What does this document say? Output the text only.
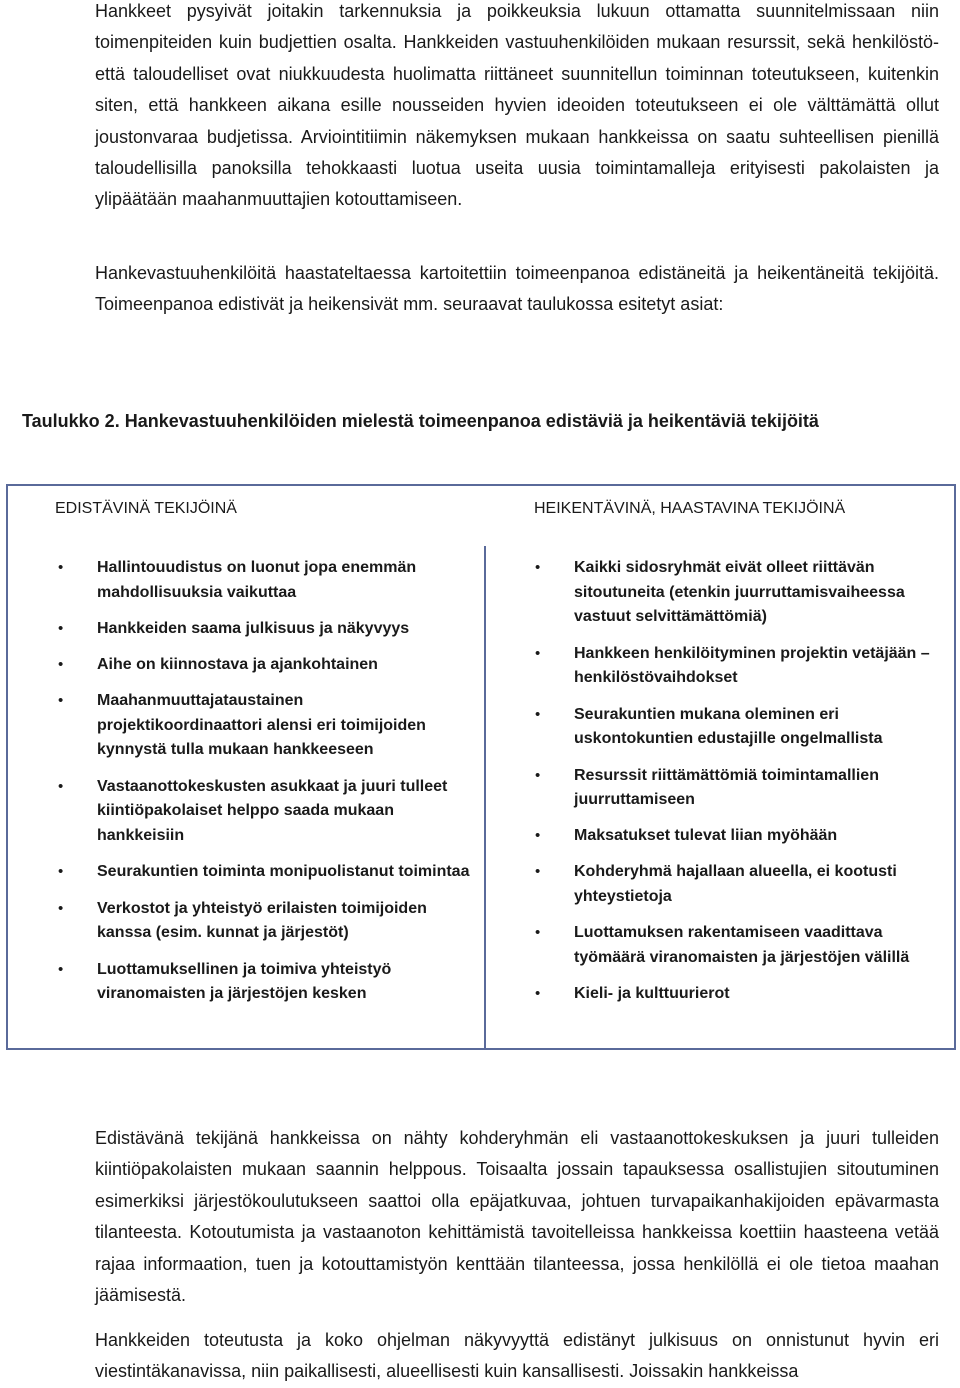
Hankkeet pysyivät joitakin tarkennuksia ja poikkeuksia lukuun ottamatta suunnitelmissaan niin toimenpiteiden kuin budjettien osalta. Hankkeiden vastuuhenkilöiden mukaan resurssit, sekä henkilöstö- että taloudelliset ovat niukkuudesta huolimatta riittäneet suunnitellun toiminnan toteutukseen, kuitenkin siten, että hankkeen aikana esille nousseiden hyvien ideoiden toteutukseen ei ole välttämättä ollut joustonvaraa budjetissa. Arviointitiimin näkemyksen mukaan hankkeissa on saatu suhteellisen pienillä taloudellisilla panoksilla tehokkaasti luotua useita uusia toimintamalleja erityisesti pakolaisten ja ylipäätään maahanmuuttajien kotouttamiseen.

Hankevastuuhenkilöitä haastateltaessa kartoitettiin toimeenpanoa edistäneitä ja heikentäneitä tekijöitä. Toimeenpanoa edistivät ja heikensivät mm. seuraavat taulukossa esitetyt asiat:

Taulukko 2. Hankevastuuhenkilöiden mielestä toimeenpanoa edistäviä ja heikentäviä tekijöitä
EDISTÄVINÄ TEKIJÖINÄ	HEIKENTÄVINÄ, HAASTAVINA TEKIJÖINÄ
• Hallintouudistus on luonut jopa enemmän mahdollisuuksia vaikuttaa
• Hankkeiden saama julkisuus ja näkyvyys
• Aihe on kiinnostava ja ajankohtainen
• Maahanmuuttajataustainen projektikoordinaattori alensi eri toimijoiden kynnystä tulla mukaan hankkeeseen
• Vastaanottokeskusten asukkaat ja juuri tulleet kiintiöpakolaiset helppo saada mukaan hankkeisiin
• Seurakuntien toiminta monipuolistanut toimintaa
• Verkostot ja yhteistyö erilaisten toimijoiden kanssa (esim. kunnat ja järjestöt)
• Luottamuksellinen ja toimiva yhteistyö viranomaisten ja järjestöjen kesken
• Kaikki sidosryhmät eivät olleet riittävän sitoutuneita (etenkin juurruttamisvaiheessa vastuut selvittämättömiä)
• Hankkeen henkilöityminen projektin vetäjään – henkilöstövaihdokset
• Seurakuntien mukana oleminen eri uskontokuntien edustajille ongelmallista
• Resurssit riittämättömiä toimintamallien juurruttamiseen
• Maksatukset tulevat liian myöhään
• Kohderyhmä hajallaan alueella, ei kootusti yhteystietoja
• Luottamuksen rakentamiseen vaadittava työmäärä viranomaisten ja järjestöjen välillä
• Kieli- ja kulttuurierot

Edistävänä tekijänä hankkeissa on nähty kohderyhmän eli vastaanottokeskuksen ja juuri tulleiden kiintiöpakolaisten mukaan saannin helppous. Toisaalta jossain tapauksessa osallistujien sitoutuminen esimerkiksi järjestökoulutukseen saattoi olla epäjatkuvaa, johtuen turvapaikanhakijoiden epävarmasta tilanteesta. Kotoutumista ja vastaanoton kehittämistä tavoitelleissa hankkeissa koettiin haasteena vetää rajaa informaation, tuen ja kotouttamistyön kenttään tilanteessa, jossa henkilöllä ei ole tietoa maahan jäämisestä.

Hankkeiden toteutusta ja koko ohjelman näkyvyyttä edistänyt julkisuus on onnistunut hyvin eri viestintäkanavissa, niin paikallisesti, alueellisesti kuin kansallisesti. Joissakin hankkeissa
